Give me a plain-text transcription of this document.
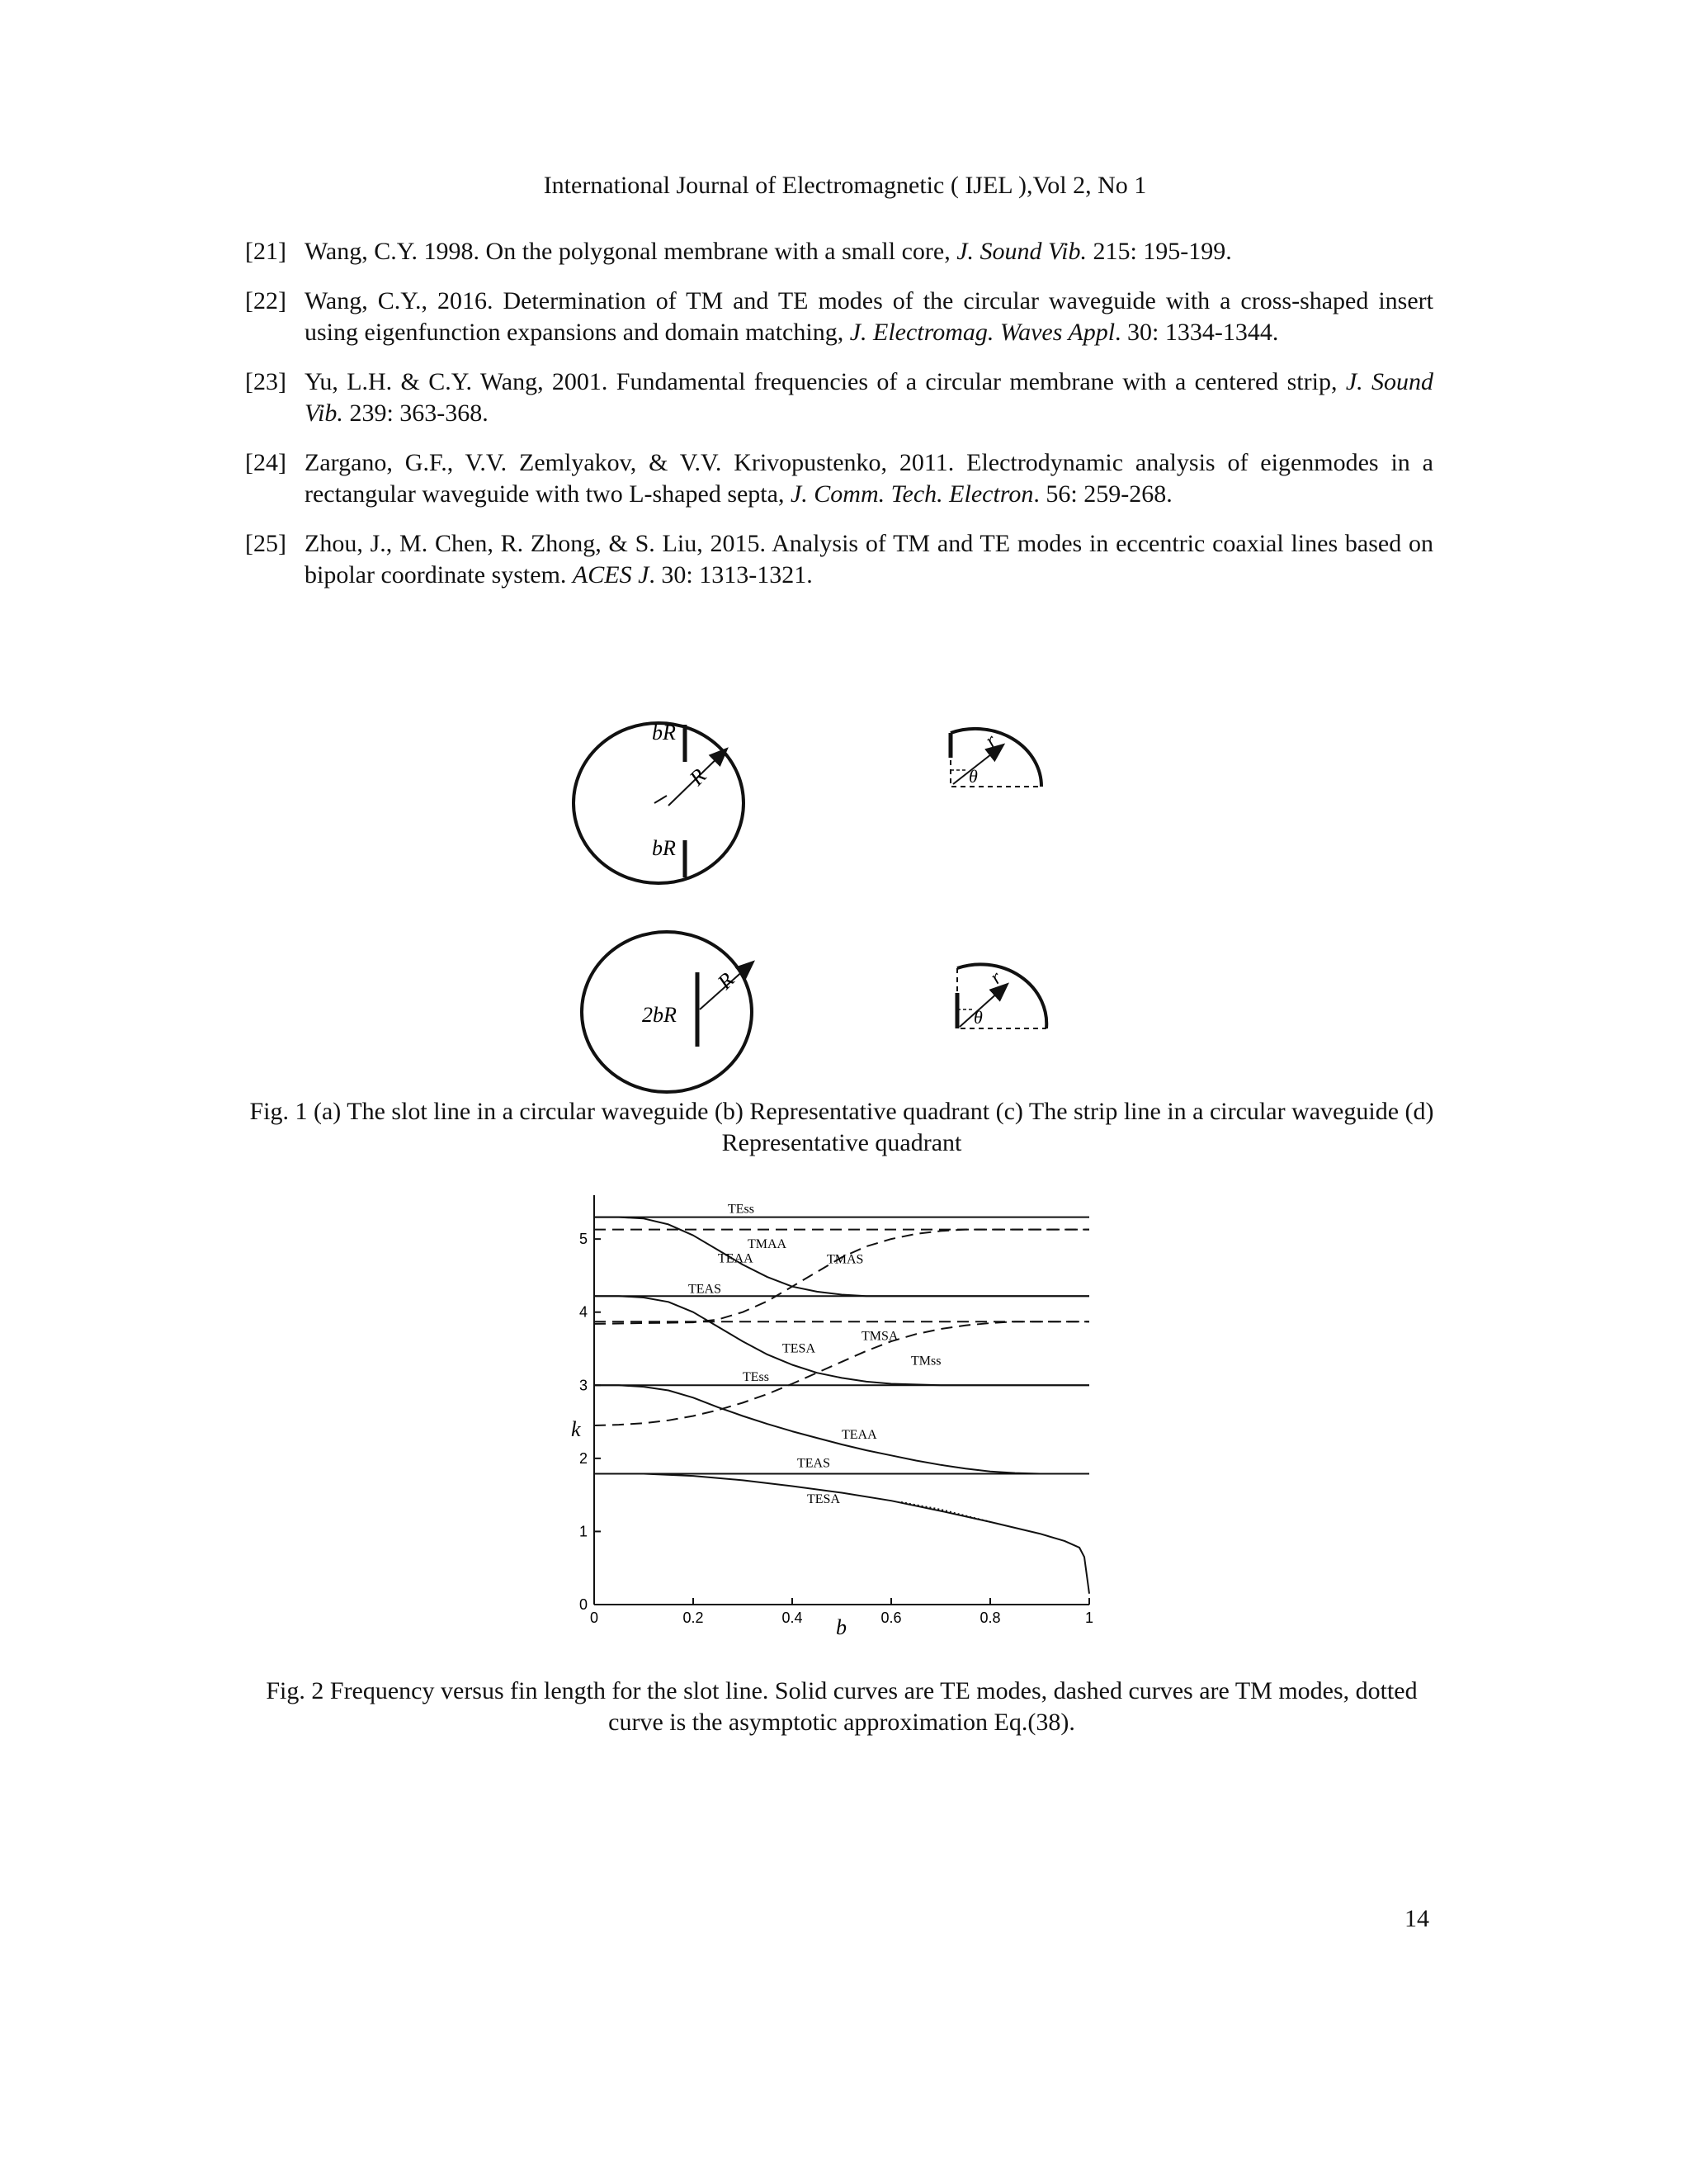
International Journal of Electromagnetic ( IJEL ),Vol 2, No 1
[21] Wang, C.Y. 1998. On the polygonal membrane with a small core, J. Sound Vib. 215: 195-199.
[22] Wang, C.Y., 2016. Determination of TM and TE modes of the circular waveguide with a cross-shaped insert using eigenfunction expansions and domain matching, J. Electromag. Waves Appl. 30: 1334-1344.
[23] Yu, L.H. & C.Y. Wang, 2001. Fundamental frequencies of a circular membrane with a centered strip, J. Sound Vib. 239: 363-368.
[24] Zargano, G.F., V.V. Zemlyakov, & V.V. Krivopustenko, 2011. Electrodynamic analysis of eigenmodes in a rectangular waveguide with two L-shaped septa, J. Comm. Tech. Electron. 56: 259-268.
[25] Zhou, J., M. Chen, R. Zhong, & S. Liu, 2015. Analysis of TM and TE modes in eccentric coaxial lines based on bipolar coordinate system. ACES J. 30: 1313-1321.
bR
bR
R
r
θ
2bR
R	r
θ
Fig. 1 (a) The slot line in a circular waveguide (b) Representative quadrant (c) The strip line in a circular waveguide (d) Representative quadrant
k
b
0	0.2	0.4	0.6	0.8	1
0
1
2
3
4
5
TEss
TMAA
TEAA	TMAS
TEAS
TMSA
TESA
TMss
TEss
TEAA
TEAS
TESA
Fig. 2 Frequency versus fin length for the slot line. Solid curves are TE modes, dashed curves are TM modes, dotted curve is the asymptotic approximation Eq.(38).
14
